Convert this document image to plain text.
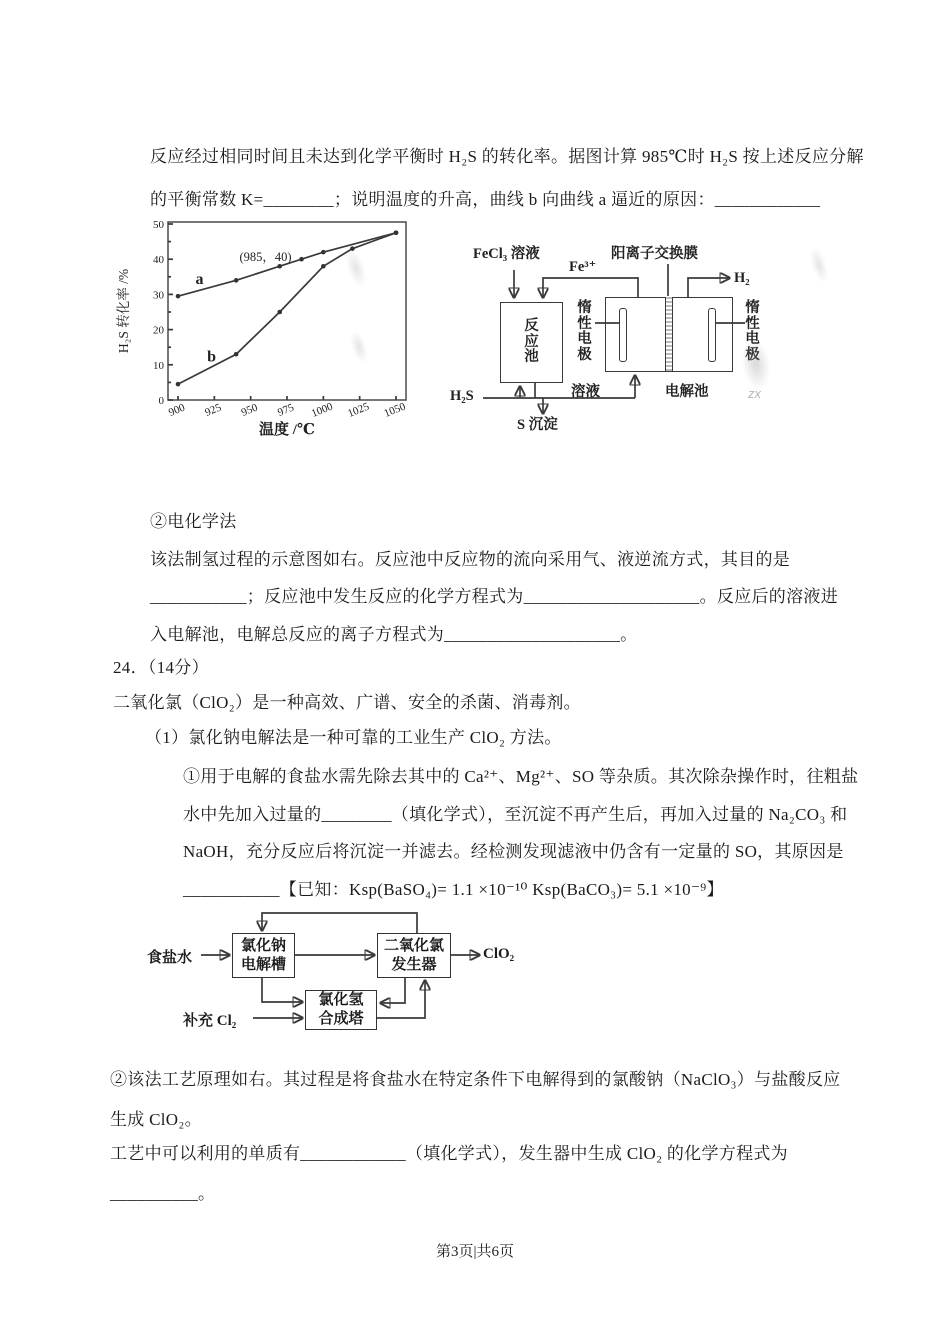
反应经过相同时间且未达到化学平衡时 H₂S 的转化率。据图计算 985℃时 H₂S 按上述反应分解
的平衡常数 K=________；说明温度的升高，曲线 b 向曲线 a 逼近的原因：____________
900 925 950 975 1000 1025 1050
0
10
20
30
40
50
a
b
(985，40)
温度 /℃
H₂S 转化率 /%
FeCl₃ 溶液
Fe³⁺
阳离子交换膜
H₂
惰性电极
惰性电极
反应池
溶液	电解池
H₂S
S 沉淀
②电化学法
该法制氢过程的示意图如右。反应池中反应物的流向采用气、液逆流方式，其目的是
___________；反应池中发生反应的化学方程式为____________________。反应后的溶液进
入电解池，电解总反应的离子方程式为____________________。
24．（14分）
二氧化氯（ClO₂）是一种高效、广谱、安全的杀菌、消毒剂。
（1）氯化钠电解法是一种可靠的工业生产 ClO₂ 方法。
①用于电解的食盐水需先除去其中的 Ca²⁺、Mg²⁺、SO 等杂质。其次除杂操作时，往粗盐
水中先加入过量的________（填化学式），至沉淀不再产生后，再加入过量的 Na₂CO₃ 和
NaOH，充分反应后将沉淀一并滤去。经检测发现滤液中仍含有一定量的 SO，其原因是
___________【已知：Ksp(BaSO₄)= 1.1 ×10⁻¹⁰ Ksp(BaCO₃)= 5.1 ×10⁻⁹】
食盐水
氯化钠
电解槽
二氧化氯
发生器
氯化氢
合成塔
补充 Cl₂
ClO₂
②该法工艺原理如右。其过程是将食盐水在特定条件下电解得到的氯酸钠（NaClO₃）与盐酸反应
生成 ClO₂。
工艺中可以利用的单质有____________（填化学式），发生器中生成 ClO₂ 的化学方程式为
__________。
zx
第3页|共6页
